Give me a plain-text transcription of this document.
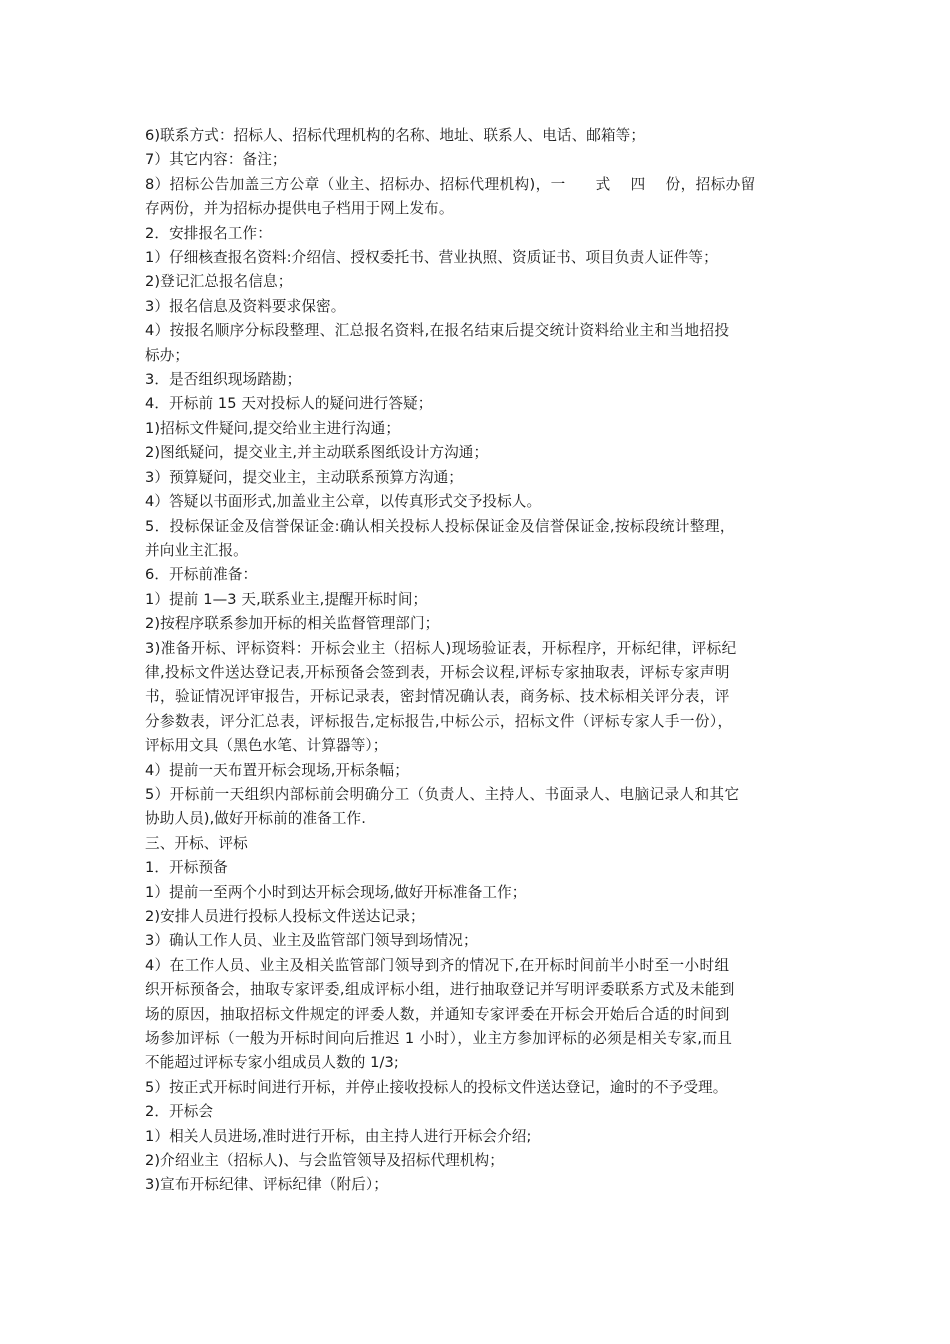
6)联系方式：招标人、招标代理机构的名称、地址、联系人、电话、邮箱等；

7）其它内容：备注；

8）招标公告加盖三方公章（业主、招标办、招标代理机构)，一　　式　 四　 份，招标办留

存两份，并为招标办提供电子档用于网上发布。

2．安排报名工作：

1）仔细核查报名资料:介绍信、授权委托书、营业执照、资质证书、项目负责人证件等；

2)登记汇总报名信息；

3）报名信息及资料要求保密。

4）按报名顺序分标段整理、汇总报名资料,在报名结束后提交统计资料给业主和当地招投

标办；

3．是否组织现场踏勘；

4．开标前 15 天对投标人的疑问进行答疑；

1)招标文件疑问,提交给业主进行沟通；

2)图纸疑问，提交业主,并主动联系图纸设计方沟通；

3）预算疑问，提交业主，主动联系预算方沟通；

4）答疑以书面形式,加盖业主公章，以传真形式交予投标人。

5．投标保证金及信誉保证金:确认相关投标人投标保证金及信誉保证金,按标段统计整理，

并向业主汇报。

6．开标前准备：

1）提前 1—3 天,联系业主,提醒开标时间；

2)按程序联系参加开标的相关监督管理部门；

3)准备开标、评标资料：开标会业主（招标人)现场验证表，开标程序，开标纪律，评标纪

律,投标文件送达登记表,开标预备会签到表，开标会议程,评标专家抽取表，评标专家声明

书，验证情况评审报告，开标记录表，密封情况确认表，商务标、技术标相关评分表，评

分参数表，评分汇总表，评标报告,定标报告,中标公示，招标文件（评标专家人手一份），

评标用文具（黑色水笔、计算器等）；

4）提前一天布置开标会现场,开标条幅；

5）开标前一天组织内部标前会明确分工（负责人、主持人、书面录人、电脑记录人和其它

协助人员),做好开标前的准备工作.

三、开标、评标

1．开标预备

1）提前一至两个小时到达开标会现场,做好开标准备工作；

2)安排人员进行投标人投标文件送达记录；

3）确认工作人员、业主及监管部门领导到场情况；

4）在工作人员、业主及相关监管部门领导到齐的情况下,在开标时间前半小时至一小时组

织开标预备会，抽取专家评委,组成评标小组，进行抽取登记并写明评委联系方式及未能到

场的原因，抽取招标文件规定的评委人数，并通知专家评委在开标会开始后合适的时间到

场参加评标（一般为开标时间向后推迟 1 小时），业主方参加评标的必须是相关专家,而且

不能超过评标专家小组成员人数的 1/3;

5）按正式开标时间进行开标，并停止接收投标人的投标文件送达登记，逾时的不予受理。

2．开标会

1）相关人员进场,准时进行开标，由主持人进行开标会介绍;

2)介绍业主（招标人)、与会监管领导及招标代理机构；

3)宣布开标纪律、评标纪律（附后）；
